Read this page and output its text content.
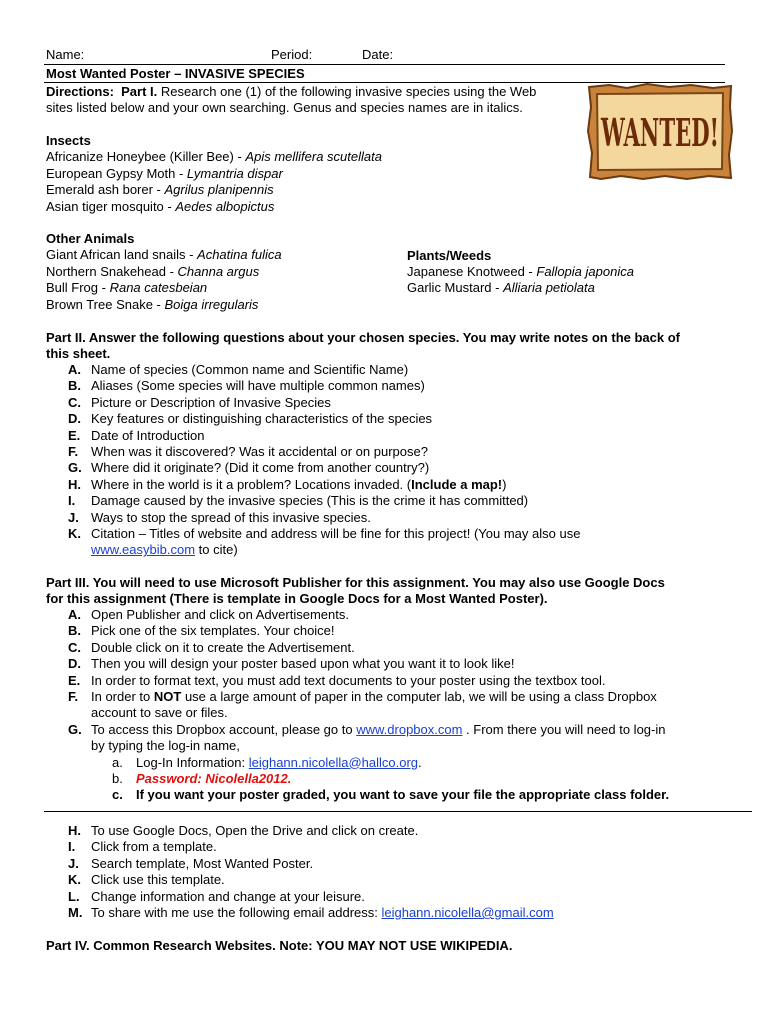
Name:	Period:	Date:
Most Wanted Poster – INVASIVE SPECIES
Directions: Part I. Research one (1) of the following invasive species using the Web
sites listed below and your own searching. Genus and species names are in italics.
WANTED!
Insects
Africanize Honeybee (Killer Bee) - Apis mellifera scutellata
European Gypsy Moth - Lymantria dispar
Emerald ash borer - Agrilus planipennis
Asian tiger mosquito - Aedes albopictus
Other Animals
Giant African land snails - Achatina fulica
Northern Snakehead - Channa argus
Bull Frog - Rana catesbeian
Brown Tree Snake - Boiga irregularis
Plants/Weeds
Japanese Knotweed - Fallopia japonica
Garlic Mustard - Alliaria petiolata
Part II. Answer the following questions about your chosen species. You may write notes on the back of
this sheet.
A. Name of species (Common name and Scientific Name)
B. Aliases (Some species will have multiple common names)
C. Picture or Description of Invasive Species
D. Key features or distinguishing characteristics of the species
E. Date of Introduction
F. When was it discovered? Was it accidental or on purpose?
G. Where did it originate? (Did it come from another country?)
H. Where in the world is it a problem? Locations invaded. (Include a map!)
I. Damage caused by the invasive species (This is the crime it has committed)
J. Ways to stop the spread of this invasive species.
K. Citation – Titles of website and address will be fine for this project! (You may also use
www.easybib.com to cite)
Part III. You will need to use Microsoft Publisher for this assignment. You may also use Google Docs
for this assignment (There is template in Google Docs for a Most Wanted Poster).
A. Open Publisher and click on Advertisements.
B. Pick one of the six templates. Your choice!
C. Double click on it to create the Advertisement.
D. Then you will design your poster based upon what you want it to look like!
E. In order to format text, you must add text documents to your poster using the textbox tool.
F. In order to NOT use a large amount of paper in the computer lab, we will be using a class Dropbox
account to save or files.
G. To access this Dropbox account, please go to www.dropbox.com . From there you will need to log-in
by typing the log-in name,
a. Log-In Information: leighann.nicolella@hallco.org.
b. Password: Nicolella2012.
c. If you want your poster graded, you want to save your file the appropriate class folder.
H. To use Google Docs, Open the Drive and click on create.
I. Click from a template.
J. Search template, Most Wanted Poster.
K. Click use this template.
L. Change information and change at your leisure.
M. To share with me use the following email address: leighann.nicolella@gmail.com
Part IV. Common Research Websites. Note: YOU MAY NOT USE WIKIPEDIA.
